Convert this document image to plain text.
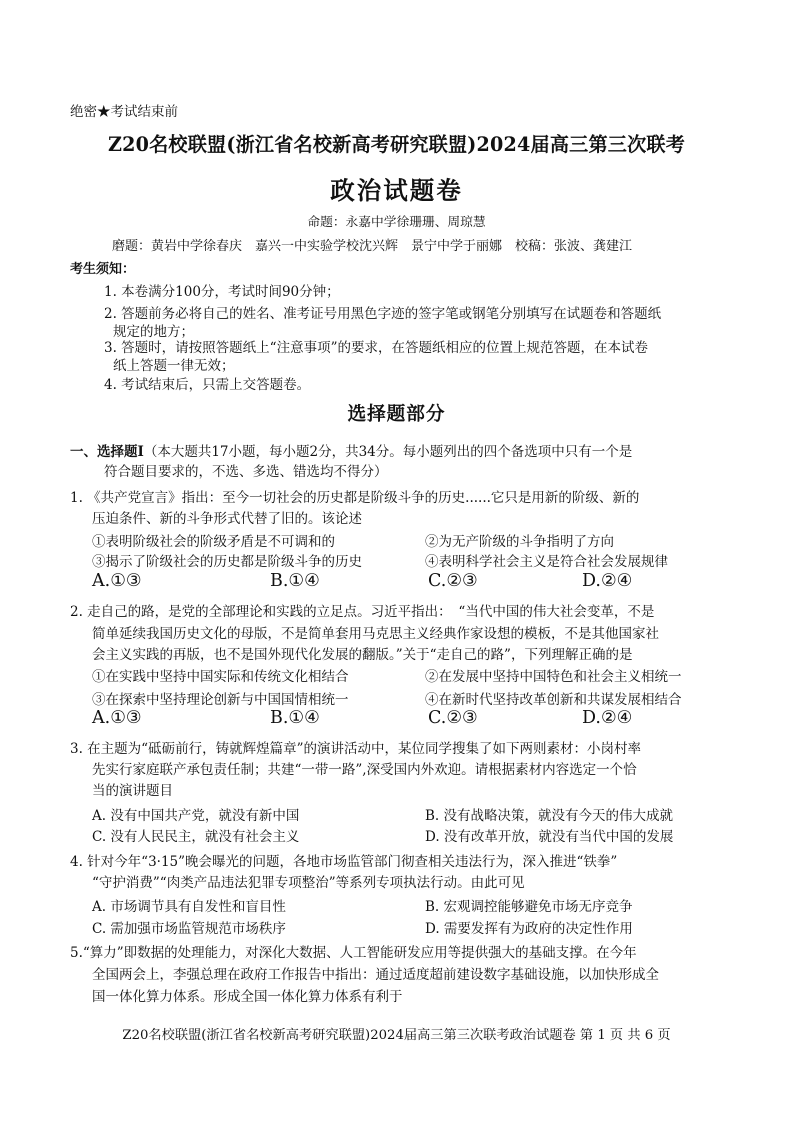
绝密★考试结束前
Z20名校联盟(浙江省名校新高考研究联盟)2024届高三第三次联考
政治试题卷
命题：永嘉中学徐珊珊、周琼慧
磨题：黄岩中学徐春庆　嘉兴一中实验学校沈兴辉　景宁中学于丽娜　校稿：张波、龚建江
考生须知：
1. 本卷满分100分，考试时间90分钟；
2. 答题前务必将自己的姓名、准考证号用黑色字迹的签字笔或钢笔分别填写在试题卷和答题纸
规定的地方；
3. 答题时，请按照答题纸上“注意事项”的要求，在答题纸相应的位置上规范答题，在本试卷
纸上答题一律无效；
4. 考试结束后，只需上交答题卷。
选择题部分
一、选择题Ⅰ（本大题共17小题，每小题2分，共34分。每小题列出的四个备选项中只有一个是
符合题目要求的，不选、多选、错选均不得分）
1. 《共产党宣言》指出：至今一切社会的历史都是阶级斗争的历史......它只是用新的阶级、新的
压迫条件、新的斗争形式代替了旧的。该论述
①表明阶级社会的阶级矛盾是不可调和的	②为无产阶级的斗争指明了方向
③揭示了阶级社会的历史都是阶级斗争的历史	④表明科学社会主义是符合社会发展规律
A.①③	B.①④	C.②③	D.②④
2. 走自己的路，是党的全部理论和实践的立足点。习近平指出：　“当代中国的伟大社会变革，不是
简单延续我国历史文化的母版，不是简单套用马克思主义经典作家设想的模板，不是其他国家社
会主义实践的再版，也不是国外现代化发展的翻版。”关于“走自己的路”，下列理解正确的是
①在实践中坚持中国实际和传统文化相结合	②在发展中坚持中国特色和社会主义相统一
③在探索中坚持理论创新与中国国情相统一	④在新时代坚持改革创新和共谋发展相结合
A.①③	B.①④	C.②③	D.②④
3. 在主题为“砥砺前行，铸就辉煌篇章”的演讲活动中，某位同学搜集了如下两则素材：小岗村率
先实行家庭联产承包责任制；共建“一带一路”,深受国内外欢迎。请根据素材内容选定一个恰
当的演讲题目
A. 没有中国共产党，就没有新中国	B. 没有战略决策，就没有今天的伟大成就
C. 没有人民民主，就没有社会主义	D. 没有改革开放，就没有当代中国的发展
4. 针对今年“3·15”晚会曝光的问题，各地市场监管部门彻查相关违法行为，深入推进“铁拳”
“守护消费”“肉类产品违法犯罪专项整治”等系列专项执法行动。由此可见
A. 市场调节具有自发性和盲目性	B. 宏观调控能够避免市场无序竞争
C. 需加强市场监管规范市场秩序	D. 需要发挥有为政府的决定性作用
5.“算力”即数据的处理能力，对深化大数据、人工智能研发应用等提供强大的基础支撑。在今年
全国两会上，李强总理在政府工作报告中指出：通过适度超前建设数字基础设施，以加快形成全
国一体化算力体系。形成全国一体化算力体系有利于
Z20名校联盟(浙江省名校新高考研究联盟)2024届高三第三次联考政治试题卷 第 1 页 共 6 页
